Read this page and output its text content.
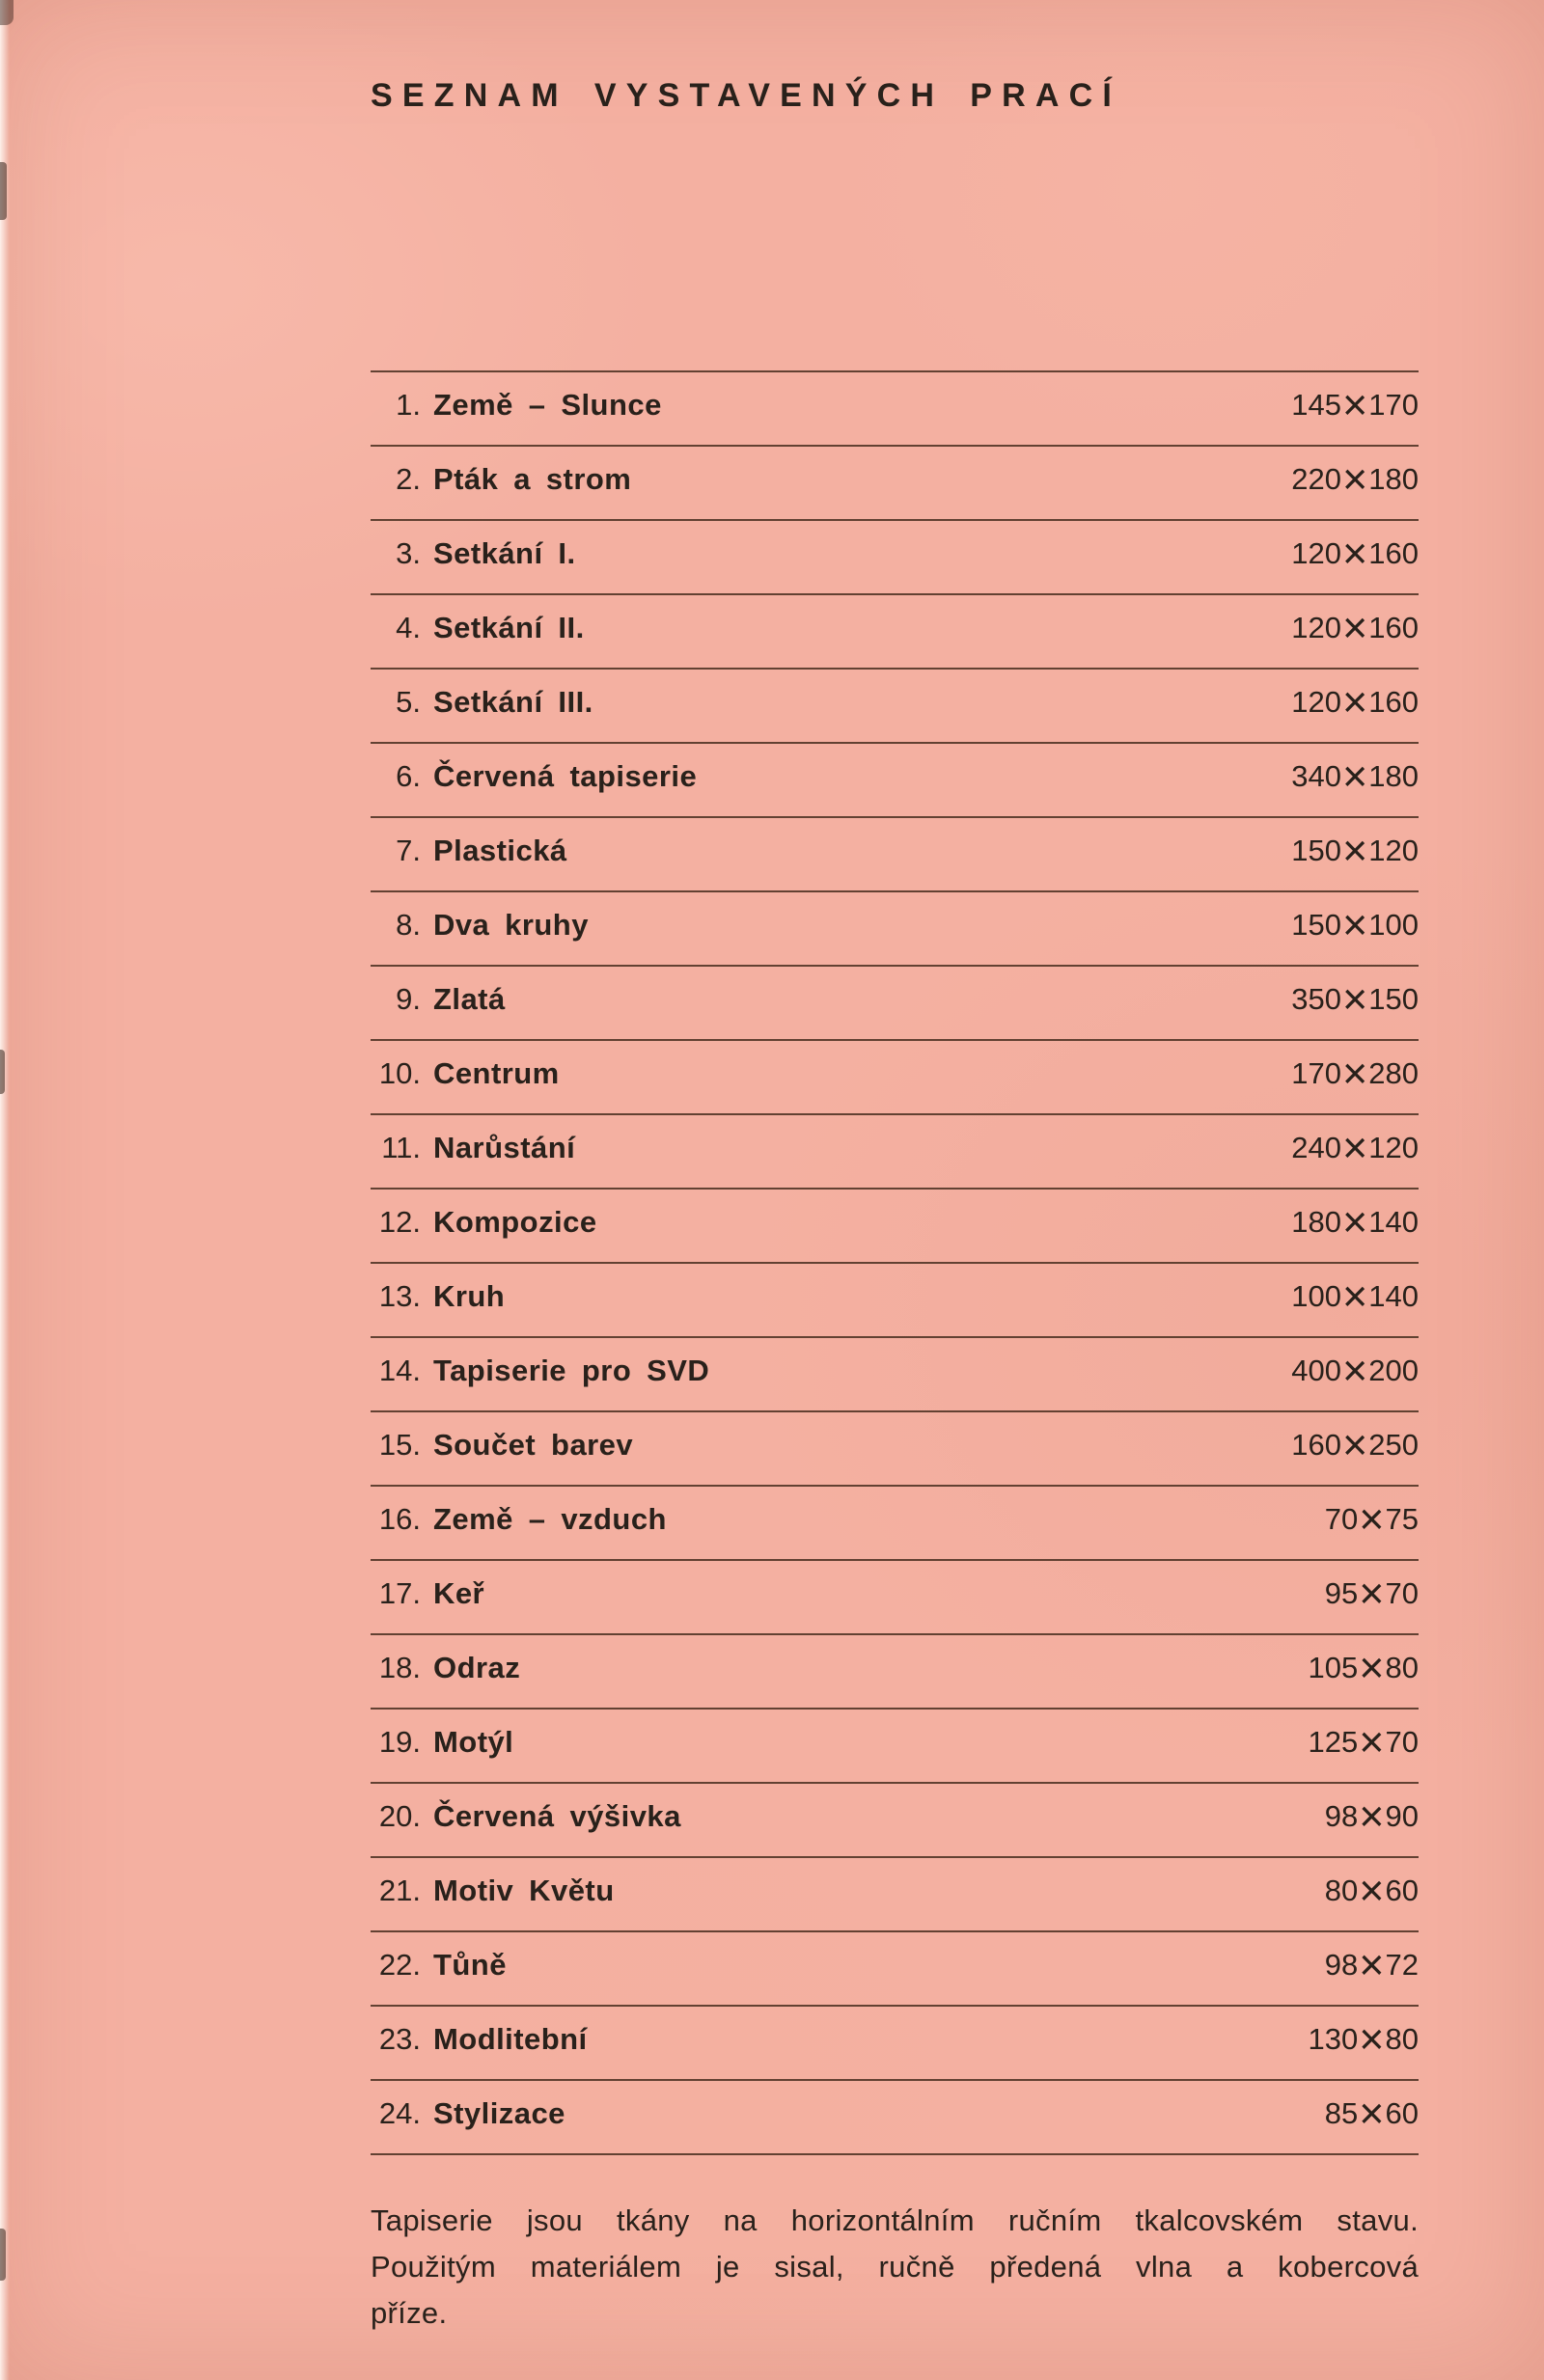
SEZNAM VYSTAVENÝCH PRACÍ
1. Země – Slunce	145×170
2. Pták a strom	220×180
3. Setkání I.	120×160
4. Setkání II.	120×160
5. Setkání III.	120×160
6. Červená tapiserie	340×180
7. Plastická	150×120
8. Dva kruhy	150×100
9. Zlatá	350×150
10. Centrum	170×280
11. Narůstání	240×120
12. Kompozice	180×140
13. Kruh	100×140
14. Tapiserie pro SVD	400×200
15. Součet barev	160×250
16. Země – vzduch	70×75
17. Keř	95×70
18. Odraz	105×80
19. Motýl	125×70
20. Červená výšivka	98×90
21. Motiv Květu	80×60
22. Tůně	98×72
23. Modlitební	130×80
24. Stylizace	85×60
Tapiserie jsou tkány na horizontálním ručním tkalcovském stavu.
Použitým materiálem je sisal, ručně předená vlna a kobercová
příze.
